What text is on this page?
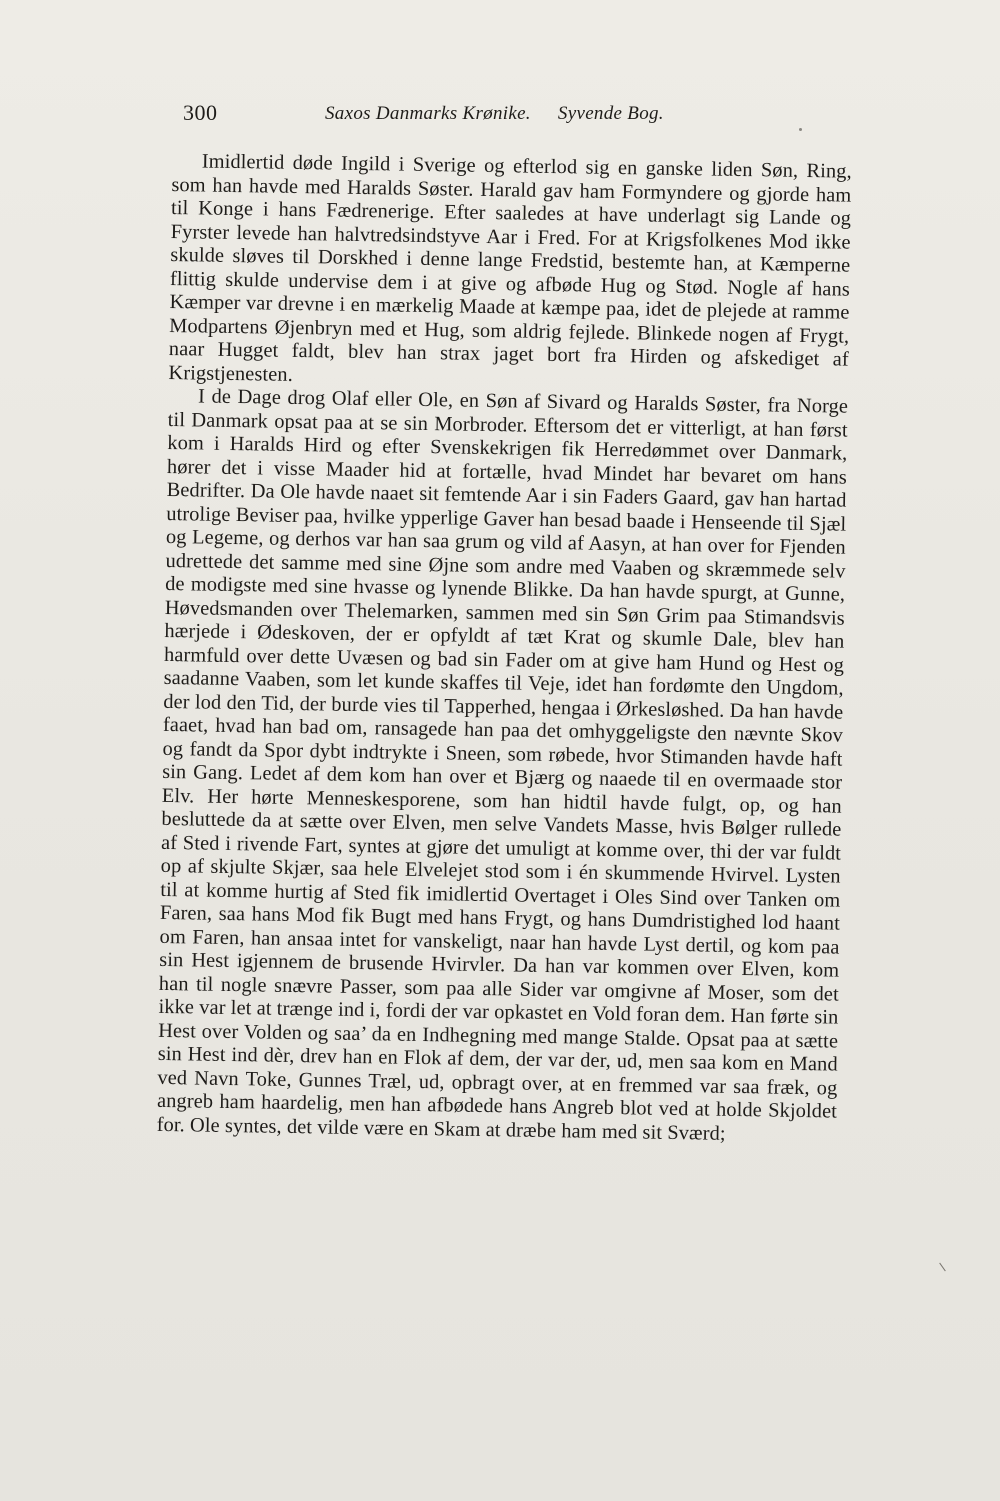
300	Saxos Danmarks Krønike. Syvende Bog.

Imidlertid døde Ingild i Sverige og efterlod sig en ganske liden Søn, Ring, som han havde med Haralds Søster. Harald gav ham Formyndere og gjorde ham til Konge i hans Fædrenerige. Efter saaledes at have underlagt sig Lande og Fyrster levede han halvtredsindstyve Aar i Fred. For at Krigsfolkenes Mod ikke skulde sløves til Dorskhed i denne lange Fredstid, bestemte han, at Kæmperne flittig skulde undervise dem i at give og afbøde Hug og Stød. Nogle af hans Kæmper var drevne i en mærkelig Maade at kæmpe paa, idet de plejede at ramme Modpartens Øjenbryn med et Hug, som aldrig fejlede. Blinkede nogen af Frygt, naar Hugget faldt, blev han strax jaget bort fra Hirden og afskediget af Krigstjenesten.

I de Dage drog Olaf eller Ole, en Søn af Sivard og Haralds Søster, fra Norge til Danmark opsat paa at se sin Morbroder. Eftersom det er vitterligt, at han først kom i Haralds Hird og efter Svenskekrigen fik Herredømmet over Danmark, hører det i visse Maader hid at fortælle, hvad Mindet har bevaret om hans Bedrifter. Da Ole havde naaet sit femtende Aar i sin Faders Gaard, gav han hartad utrolige Beviser paa, hvilke ypperlige Gaver han besad baade i Henseende til Sjæl og Legeme, og derhos var han saa grum og vild af Aasyn, at han over for Fjenden udrettede det samme med sine Øjne som andre med Vaaben og skræmmede selv de modigste med sine hvasse og lynende Blikke. Da han havde spurgt, at Gunne, Høvedsmanden over Thelemarken, sammen med sin Søn Grim paa Stimandsvis hærjede i Ødeskoven, der er opfyldt af tæt Krat og skumle Dale, blev han harmfuld over dette Uvæsen og bad sin Fader om at give ham Hund og Hest og saadanne Vaaben, som let kunde skaffes til Veje, idet han fordømte den Ungdom, der lod den Tid, der burde vies til Tapperhed, hengaa i Ørkesløshed. Da han havde faaet, hvad han bad om, ransagede han paa det omhyggeligste den nævnte Skov og fandt da Spor dybt indtrykte i Sneen, som røbede, hvor Stimanden havde haft sin Gang. Ledet af dem kom han over et Bjærg og naaede til en overmaade stor Elv. Her hørte Menneskesporene, som han hidtil havde fulgt, op, og han besluttede da at sætte over Elven, men selve Vandets Masse, hvis Bølger rullede af Sted i rivende Fart, syntes at gjøre det umuligt at komme over, thi der var fuldt op af skjulte Skjær, saa hele Elvelejet stod som i én skummende Hvirvel. Lysten til at komme hurtig af Sted fik imidlertid Overtaget i Oles Sind over Tanken om Faren, saa hans Mod fik Bugt med hans Frygt, og hans Dumdristighed lod haant om Faren, han ansaa intet for vanskeligt, naar han havde Lyst dertil, og kom paa sin Hest igjennem de brusende Hvirvler. Da han var kommen over Elven, kom han til nogle snævre Passer, som paa alle Sider var omgivne af Moser, som det ikke var let at trænge ind i, fordi der var opkastet en Vold foran dem. Han førte sin Hest over Volden og saa’ da en Indhegning med mange Stalde. Opsat paa at sætte sin Hest ind dèr, drev han en Flok af dem, der var der, ud, men saa kom en Mand ved Navn Toke, Gunnes Træl, ud, opbragt over, at en fremmed var saa fræk, og angreb ham haardelig, men han afbødede hans Angreb blot ved at holde Skjoldet for. Ole syntes, det vilde være en Skam at dræbe ham med sit Sværd;
